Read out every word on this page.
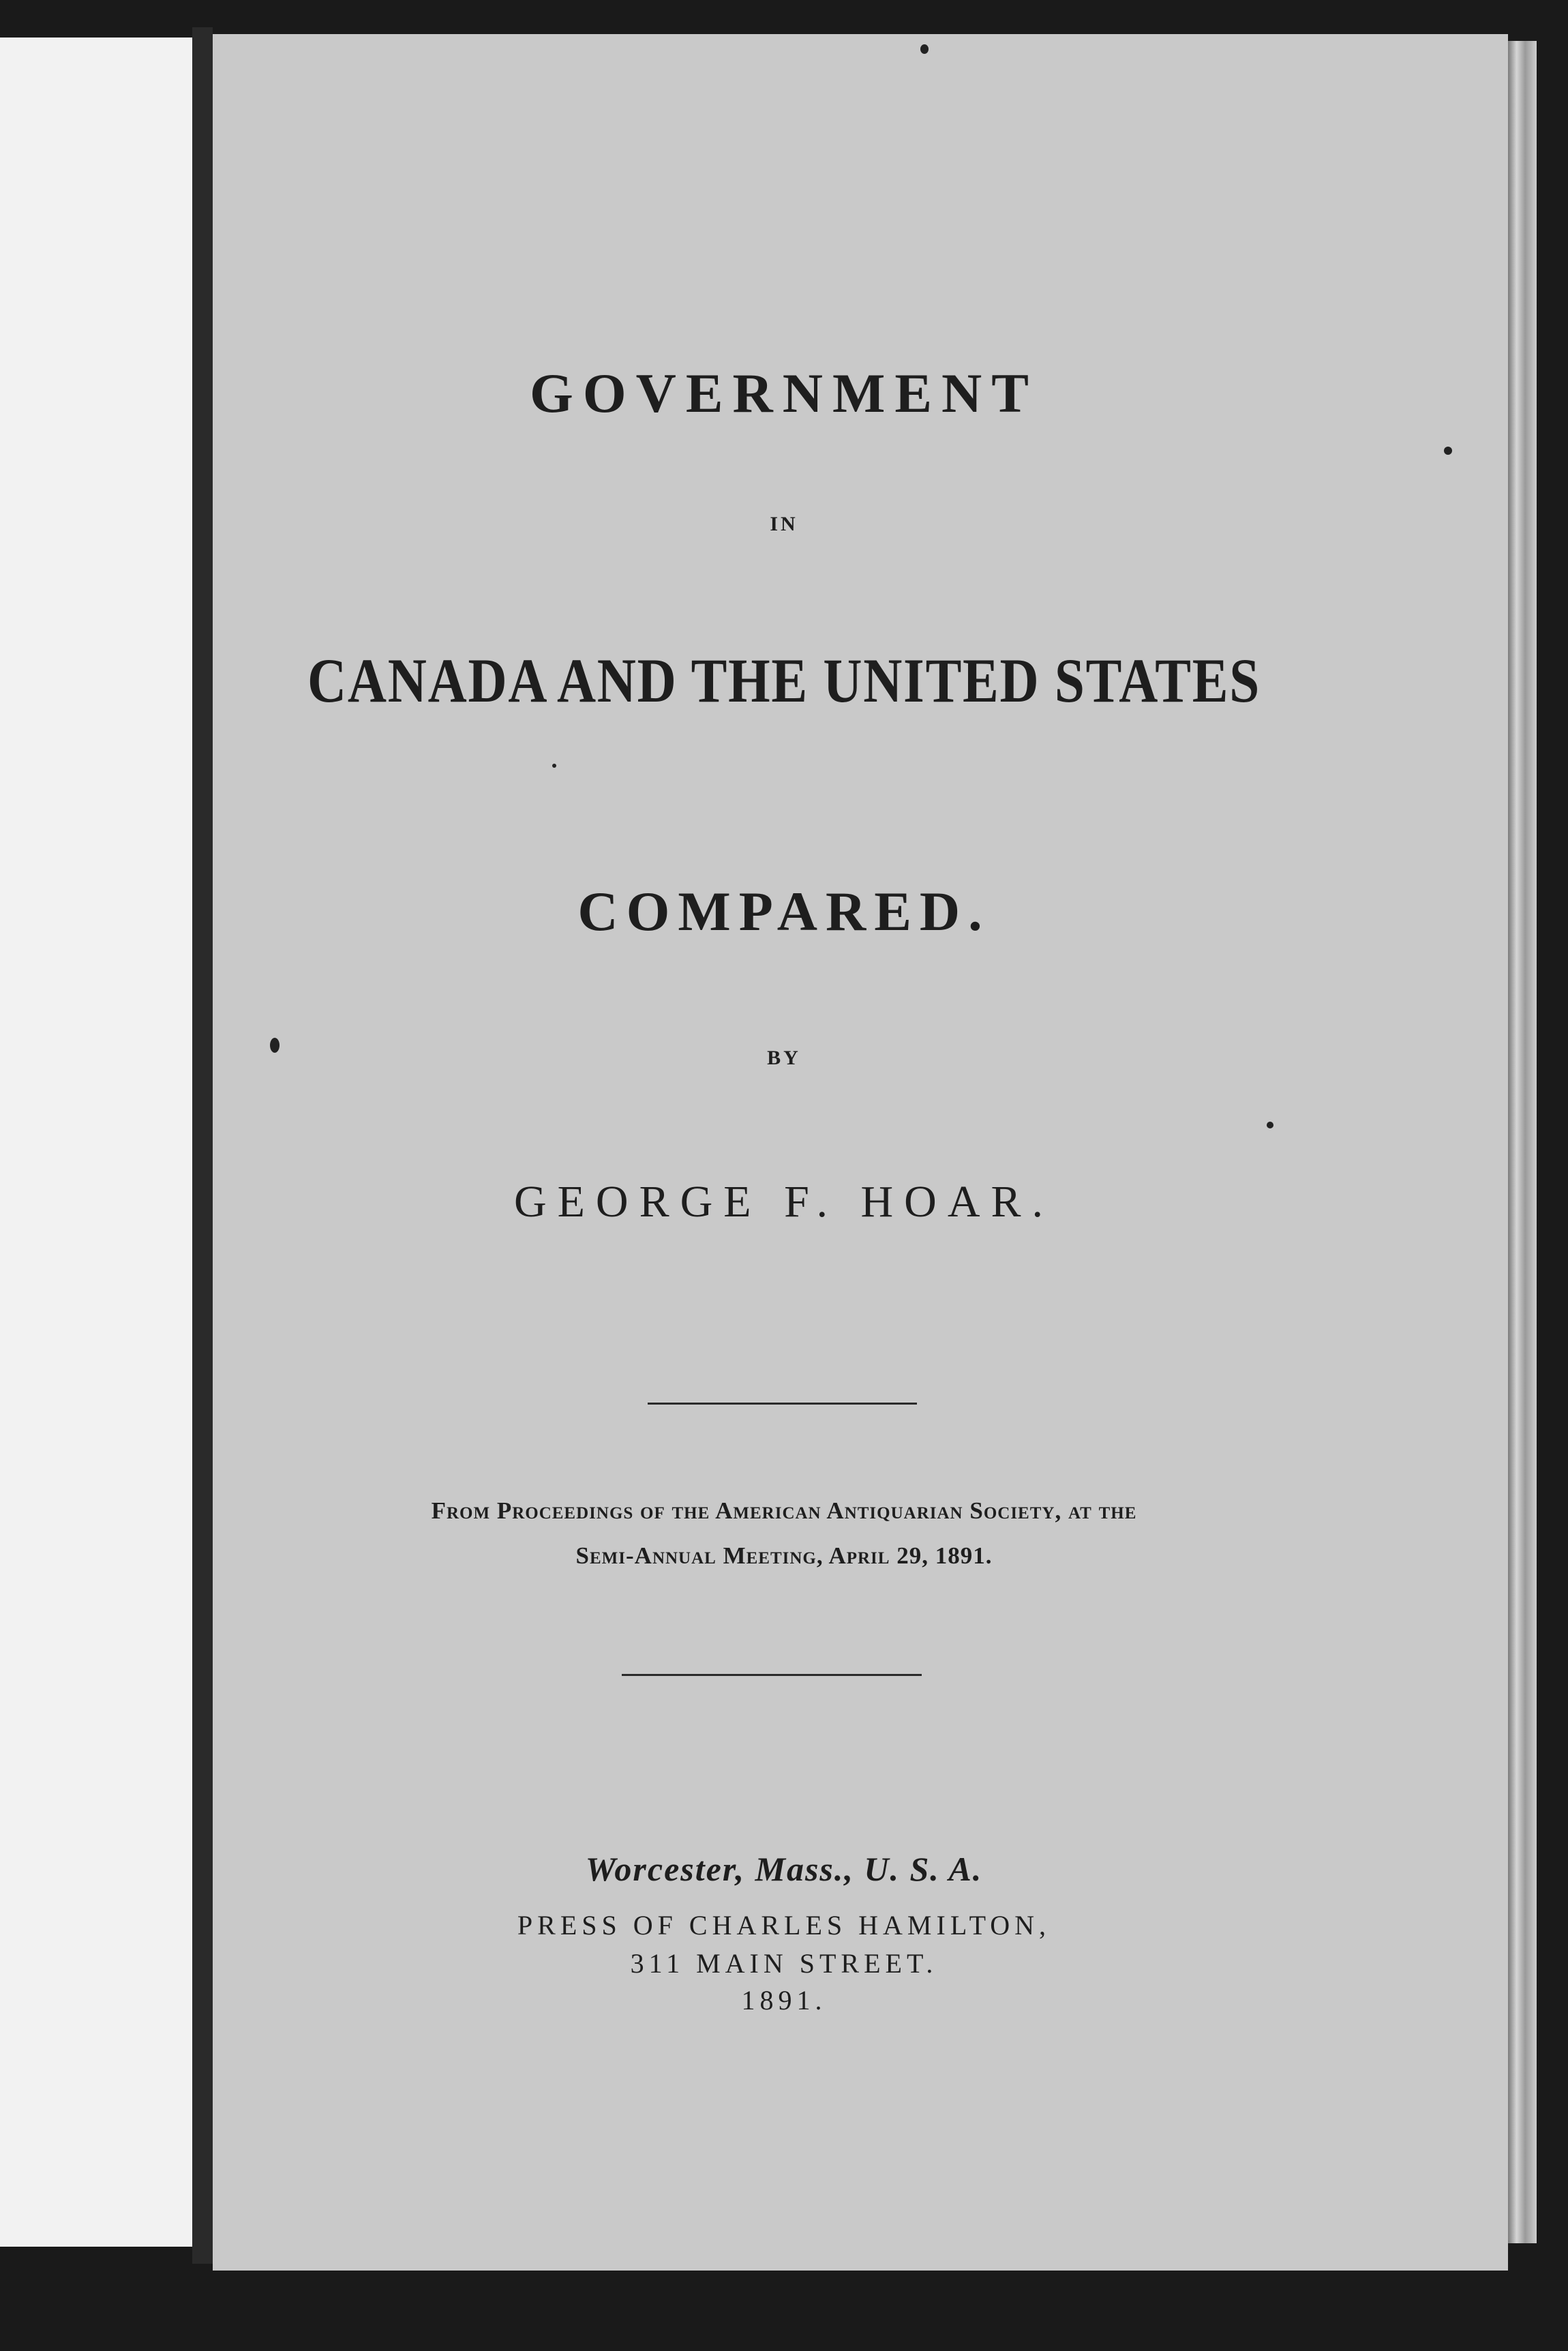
GOVERNMENT
IN
CANADA AND THE UNITED STATES
COMPARED.
BY
GEORGE F. HOAR.
From Proceedings of the American Antiquarian Society, at the
Semi-Annual Meeting, April 29, 1891.
Worcester, Mass., U. S. A.
PRESS OF CHARLES HAMILTON,
311 MAIN STREET.
1891.
